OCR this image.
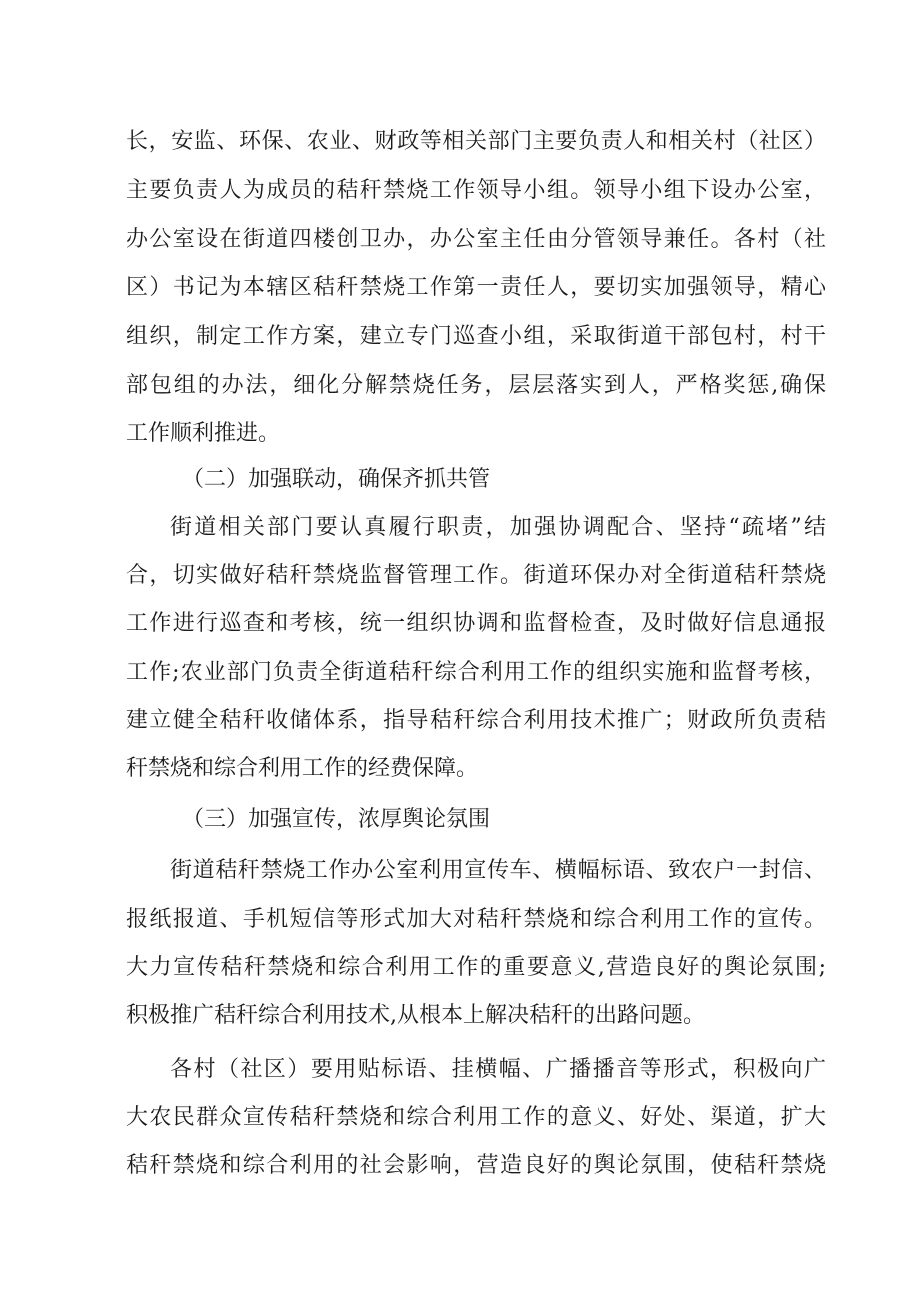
长，安监、环保、农业、财政等相关部门主要负责人和相关村（社区）
主要负责人为成员的秸秆禁烧工作领导小组。领导小组下设办公室，
办公室设在街道四楼创卫办，办公室主任由分管领导兼任。各村（社
区）书记为本辖区秸秆禁烧工作第一责任人，要切实加强领导，精心
组织，制定工作方案，建立专门巡查小组，采取街道干部包村，村干
部包组的办法，细化分解禁烧任务，层层落实到人，严格奖惩,确保
工作顺利推进。
（二）加强联动，确保齐抓共管
街道相关部门要认真履行职责，加强协调配合、坚持“疏堵”结
合，切实做好秸秆禁烧监督管理工作。街道环保办对全街道秸秆禁烧
工作进行巡查和考核，统一组织协调和监督检查，及时做好信息通报
工作;农业部门负责全街道秸秆综合利用工作的组织实施和监督考核，
建立健全秸秆收储体系，指导秸秆综合利用技术推广；财政所负责秸
秆禁烧和综合利用工作的经费保障。
（三）加强宣传，浓厚舆论氛围
街道秸秆禁烧工作办公室利用宣传车、横幅标语、致农户一封信、
报纸报道、手机短信等形式加大对秸秆禁烧和综合利用工作的宣传。
大力宣传秸秆禁烧和综合利用工作的重要意义,营造良好的舆论氛围;
积极推广秸秆综合利用技术,从根本上解决秸秆的出路问题。
各村（社区）要用贴标语、挂横幅、广播播音等形式，积极向广
大农民群众宣传秸秆禁烧和综合利用工作的意义、好处、渠道，扩大
秸秆禁烧和综合利用的社会影响，营造良好的舆论氛围，使秸秆禁烧
